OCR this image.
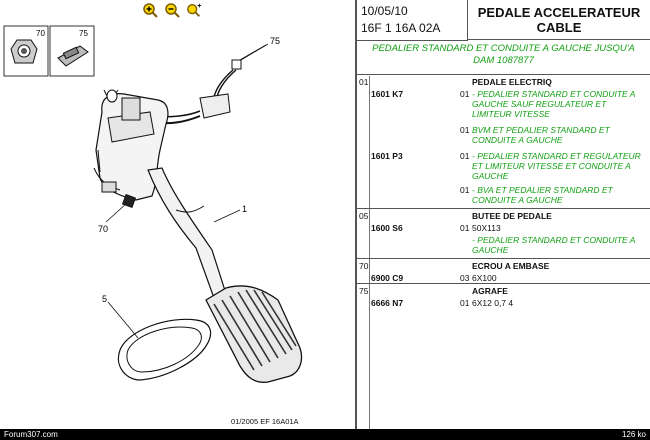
70	75
75
1
70
5
01/2005 EF 16A01A
10/05/10
16F 1 16A 02A
PEDALE ACCELERATEUR
CABLE
PEDALIER STANDARD ET CONDUITE A GAUCHE JUSQU'A
DAM 1087877
01	PEDALE ELECTRIQ
1601 K7	01 - PEDALIER STANDARD ET CONDUITE A
GAUCHE SAUF REGULATEUR ET
LIMITEUR VITESSE
01 BVM ET PEDALIER STANDARD ET
CONDUITE A GAUCHE
1601 P3	01 - PEDALIER STANDARD ET REGULATEUR
ET LIMITEUR VITESSE ET CONDUITE A
GAUCHE
01 - BVA ET PEDALIER STANDARD ET
CONDUITE A GAUCHE
05	BUTEE DE PEDALE
1600 S6	01 50X113
- PEDALIER STANDARD ET CONDUITE A
GAUCHE
70	ECROU A EMBASE
6900 C9	03 6X100
75	AGRAFE
6666 N7	01 6X12 0,7 4
Forum307.com	126 ko
